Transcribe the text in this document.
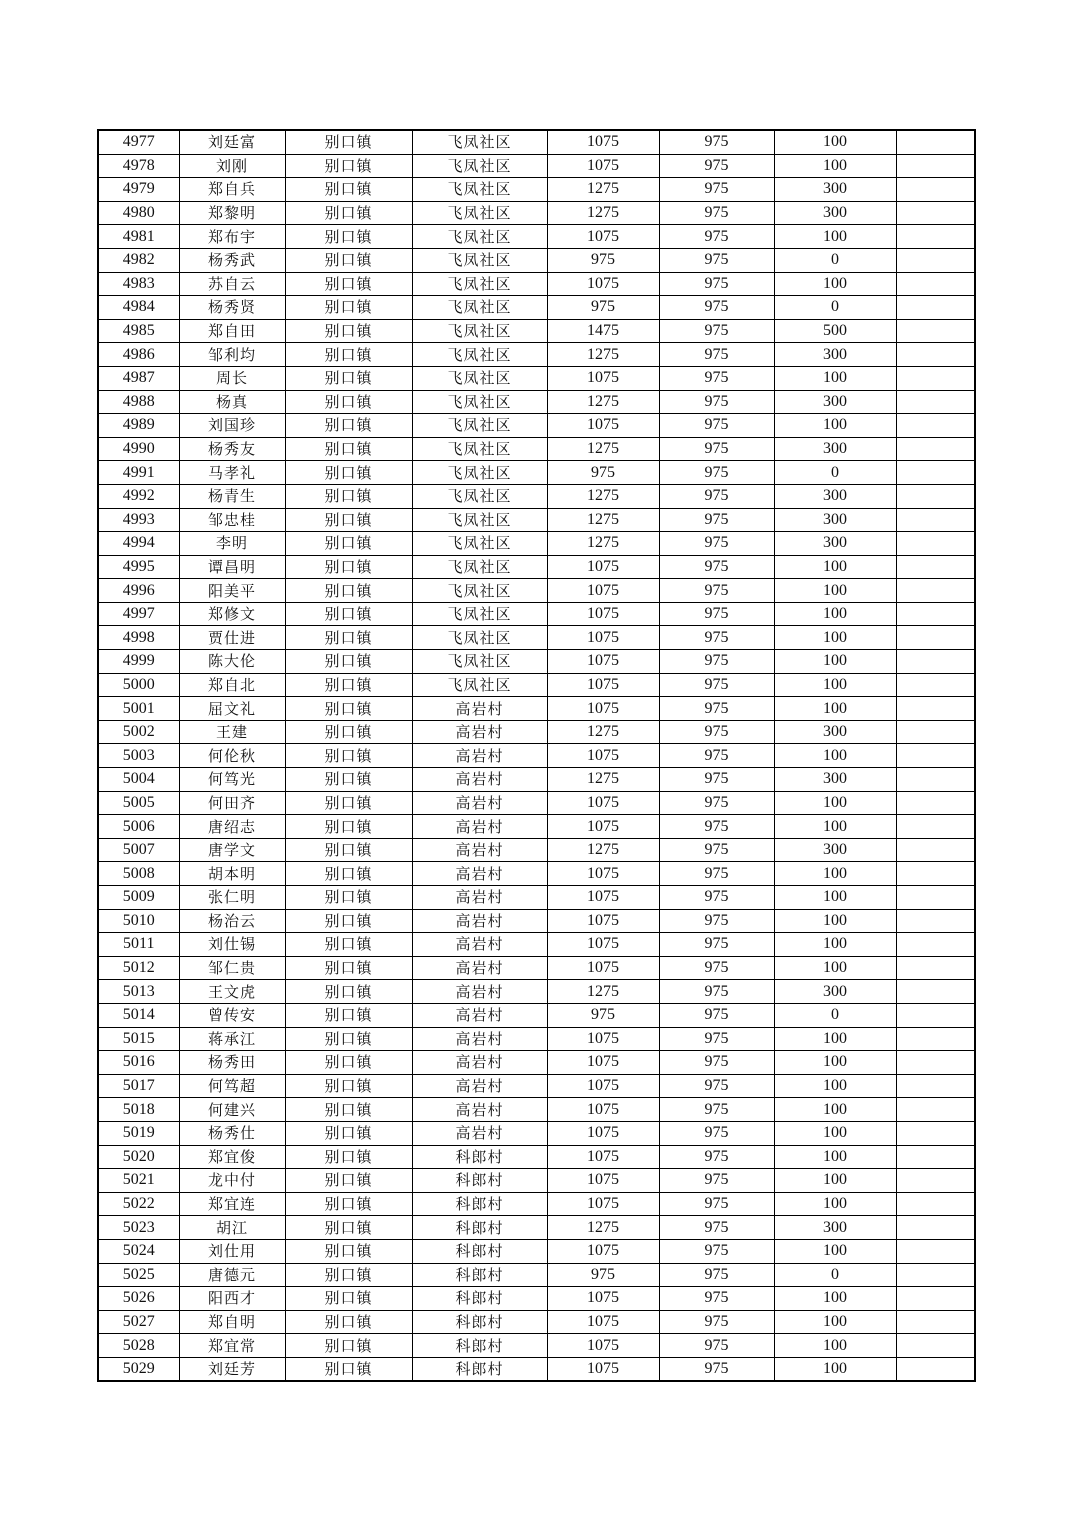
4977	刘廷富	别口镇	飞凤社区	1075	975	100	
4978	刘刚	别口镇	飞凤社区	1075	975	100	
4979	郑自兵	别口镇	飞凤社区	1275	975	300	
4980	郑黎明	别口镇	飞凤社区	1275	975	300	
4981	郑布宇	别口镇	飞凤社区	1075	975	100	
4982	杨秀武	别口镇	飞凤社区	975	975	0	
4983	苏自云	别口镇	飞凤社区	1075	975	100	
4984	杨秀贤	别口镇	飞凤社区	975	975	0	
4985	郑自田	别口镇	飞凤社区	1475	975	500	
4986	邹利均	别口镇	飞凤社区	1275	975	300	
4987	周长	别口镇	飞凤社区	1075	975	100	
4988	杨真	别口镇	飞凤社区	1275	975	300	
4989	刘国珍	别口镇	飞凤社区	1075	975	100	
4990	杨秀友	别口镇	飞凤社区	1275	975	300	
4991	马孝礼	别口镇	飞凤社区	975	975	0	
4992	杨青生	别口镇	飞凤社区	1275	975	300	
4993	邹忠桂	别口镇	飞凤社区	1275	975	300	
4994	李明	别口镇	飞凤社区	1275	975	300	
4995	谭昌明	别口镇	飞凤社区	1075	975	100	
4996	阳美平	别口镇	飞凤社区	1075	975	100	
4997	郑修文	别口镇	飞凤社区	1075	975	100	
4998	贾仕进	别口镇	飞凤社区	1075	975	100	
4999	陈大伦	别口镇	飞凤社区	1075	975	100	
5000	郑自北	别口镇	飞凤社区	1075	975	100	
5001	屈文礼	别口镇	高岩村	1075	975	100	
5002	王建	别口镇	高岩村	1275	975	300	
5003	何伦秋	别口镇	高岩村	1075	975	100	
5004	何笃光	别口镇	高岩村	1275	975	300	
5005	何田齐	别口镇	高岩村	1075	975	100	
5006	唐绍志	别口镇	高岩村	1075	975	100	
5007	唐学文	别口镇	高岩村	1275	975	300	
5008	胡本明	别口镇	高岩村	1075	975	100	
5009	张仁明	别口镇	高岩村	1075	975	100	
5010	杨治云	别口镇	高岩村	1075	975	100	
5011	刘仕锡	别口镇	高岩村	1075	975	100	
5012	邹仁贵	别口镇	高岩村	1075	975	100	
5013	王文虎	别口镇	高岩村	1275	975	300	
5014	曾传安	别口镇	高岩村	975	975	0	
5015	蒋承江	别口镇	高岩村	1075	975	100	
5016	杨秀田	别口镇	高岩村	1075	975	100	
5017	何笃超	别口镇	高岩村	1075	975	100	
5018	何建兴	别口镇	高岩村	1075	975	100	
5019	杨秀仕	别口镇	高岩村	1075	975	100	
5020	郑宜俊	别口镇	科郎村	1075	975	100	
5021	龙中付	别口镇	科郎村	1075	975	100	
5022	郑宜连	别口镇	科郎村	1075	975	100	
5023	胡江	别口镇	科郎村	1275	975	300	
5024	刘仕用	别口镇	科郎村	1075	975	100	
5025	唐德元	别口镇	科郎村	975	975	0	
5026	阳西才	别口镇	科郎村	1075	975	100	
5027	郑自明	别口镇	科郎村	1075	975	100	
5028	郑宜常	别口镇	科郎村	1075	975	100	
5029	刘廷芳	别口镇	科郎村	1075	975	100	
